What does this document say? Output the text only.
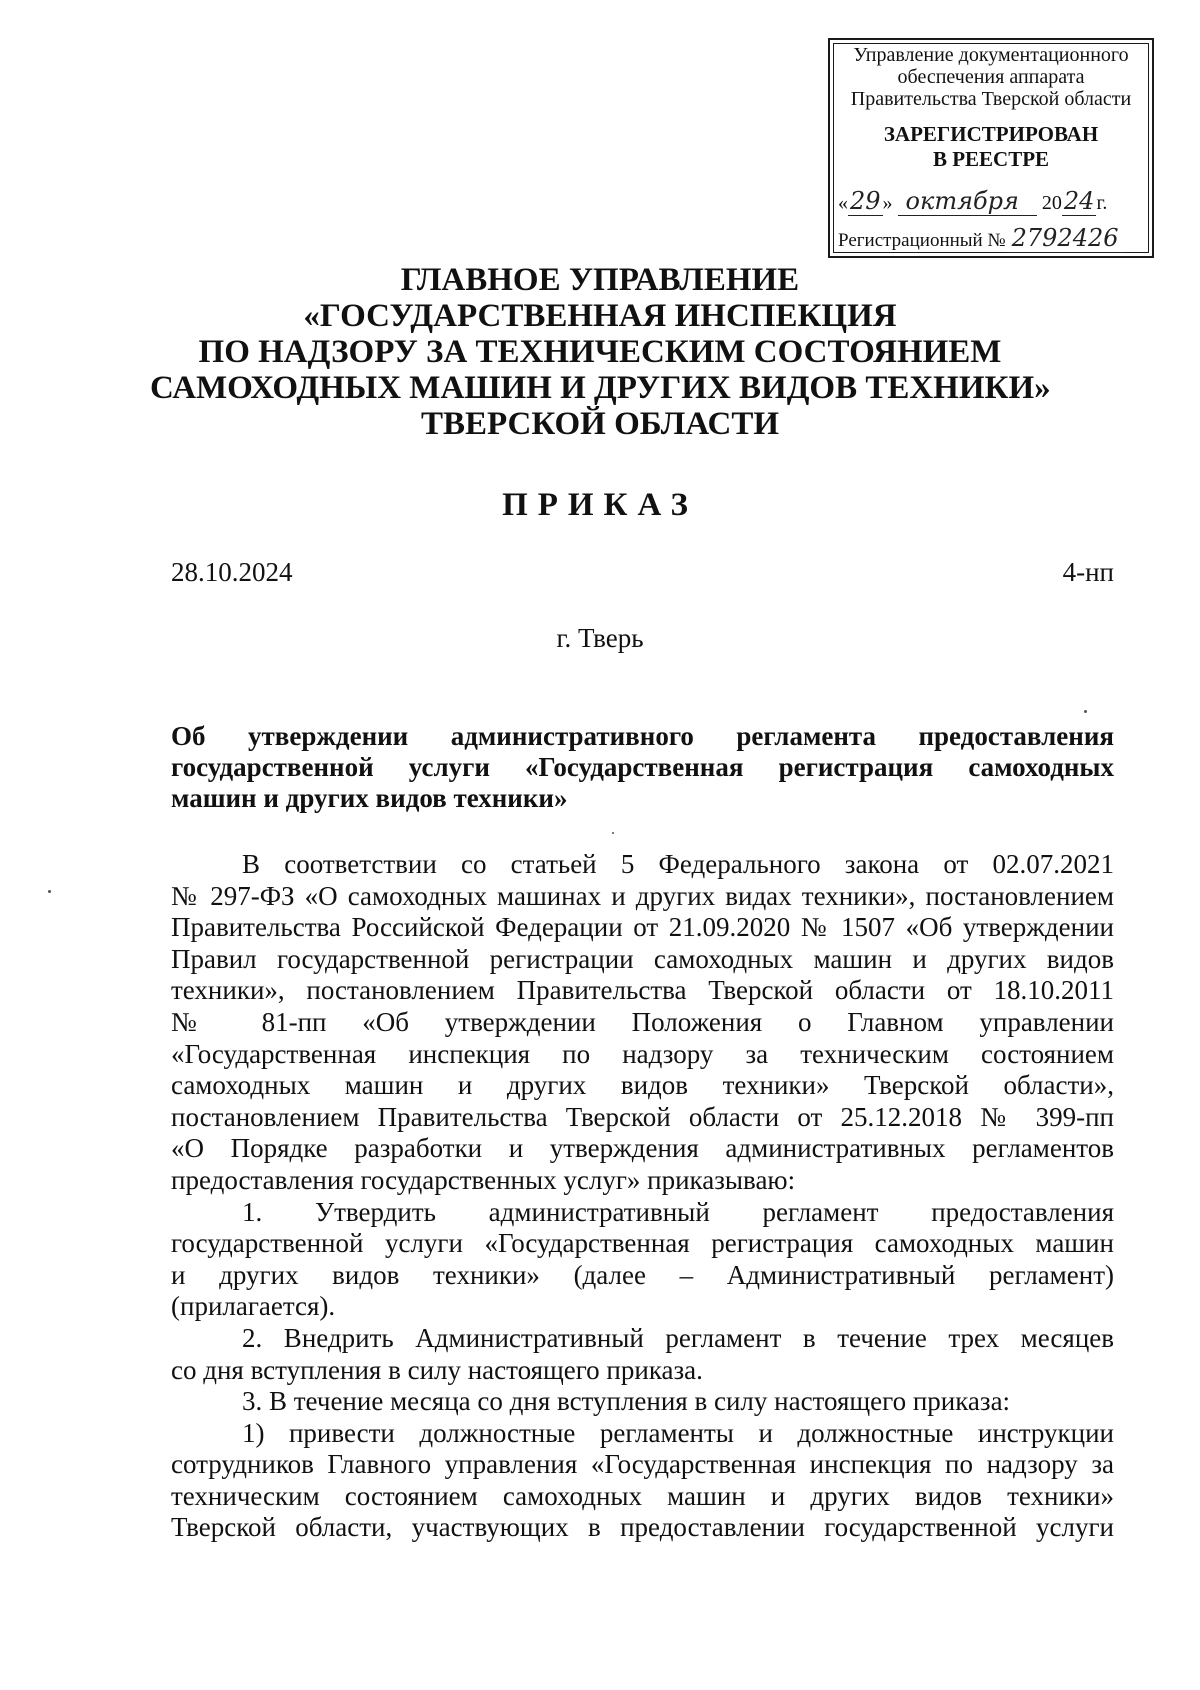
Управление документационного
обеспечения аппарата
Правительства Тверской области
ЗАРЕГИСТРИРОВАН
В РЕЕСТРЕ
«29 » октября 2024 г.
Регистрационный № 2792426
ГЛАВНОЕ УПРАВЛЕНИЕ
«ГОСУДАРСТВЕННАЯ ИНСПЕКЦИЯ
ПО НАДЗОРУ ЗА ТЕХНИЧЕСКИМ СОСТОЯНИЕМ
САМОХОДНЫХ МАШИН И ДРУГИХ ВИДОВ ТЕХНИКИ»
ТВЕРСКОЙ ОБЛАСТИ
ПРИКАЗ
28.10.2024	4-нп
г. Тверь
Об утверждении административного регламента предоставления
государственной услуги «Государственная регистрация самоходных
машин и других видов техники»
В соответствии со статьей 5 Федерального закона от 02.07.2021
№ 297-ФЗ «О самоходных машинах и других видах техники», постановлением
Правительства Российской Федерации от 21.09.2020 № 1507 «Об утверждении
Правил государственной регистрации самоходных машин и других видов
техники», постановлением Правительства Тверской области от 18.10.2011
№ 81-пп «Об утверждении Положения о Главном управлении
«Государственная инспекция по надзору за техническим состоянием
самоходных машин и других видов техники» Тверской области»,
постановлением Правительства Тверской области от 25.12.2018 № 399-пп
«О Порядке разработки и утверждения административных регламентов
предоставления государственных услуг» приказываю:
1. Утвердить административный регламент предоставления
государственной услуги «Государственная регистрация самоходных машин
и других видов техники» (далее – Административный регламент)
(прилагается).
2. Внедрить Административный регламент в течение трех месяцев
со дня вступления в силу настоящего приказа.
3. В течение месяца со дня вступления в силу настоящего приказа:
1) привести должностные регламенты и должностные инструкции
сотрудников Главного управления «Государственная инспекция по надзору за
техническим состоянием самоходных машин и других видов техники»
Тверской области, участвующих в предоставлении государственной услуги
